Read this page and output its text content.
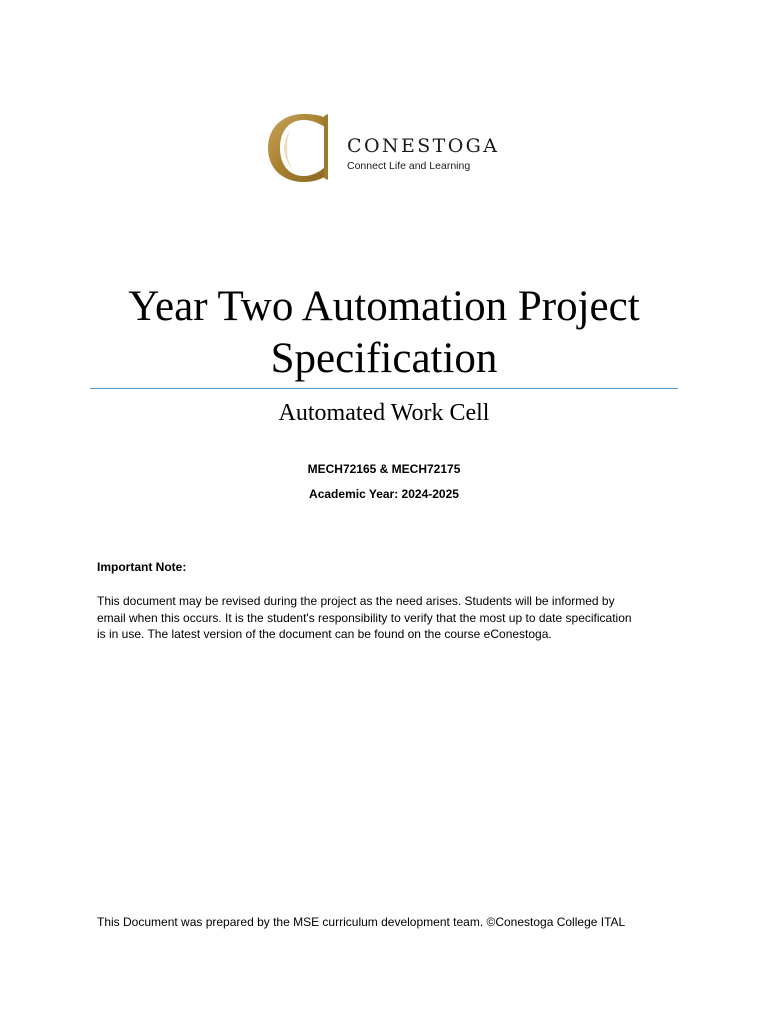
CONESTOGA
Connect Life and Learning
Year Two Automation Project
Specification
Automated Work Cell
MECH72165 & MECH72175
Academic Year: 2024-2025
Important Note:
This document may be revised during the project as the need arises. Students will be informed by
email when this occurs. It is the student's responsibility to verify that the most up to date specification
is in use. The latest version of the document can be found on the course eConestoga.
This Document was prepared by the MSE curriculum development team. ©Conestoga College ITAL
